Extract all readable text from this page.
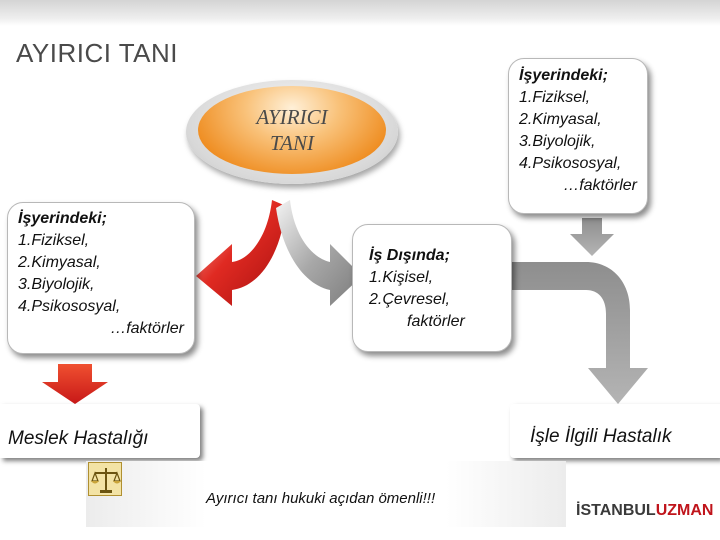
AYIRICI TANI
AYIRICI
TANI
İşyerindeki;
1.Fiziksel,
2.Kimyasal,
3.Biyolojik,
4.Psikososyal,
…faktörler
İş Dışında;
1.Kişisel,
2.Çevresel,
faktörler
İşyerindeki;
1.Fiziksel,
2.Kimyasal,
3.Biyolojik,
4.Psikososyal,
…faktörler
Meslek Hastalığı	İşle İlgili Hastalık
Ayırıcı tanı hukuki açıdan ömenli!!!
İSTANBULUZMAN
